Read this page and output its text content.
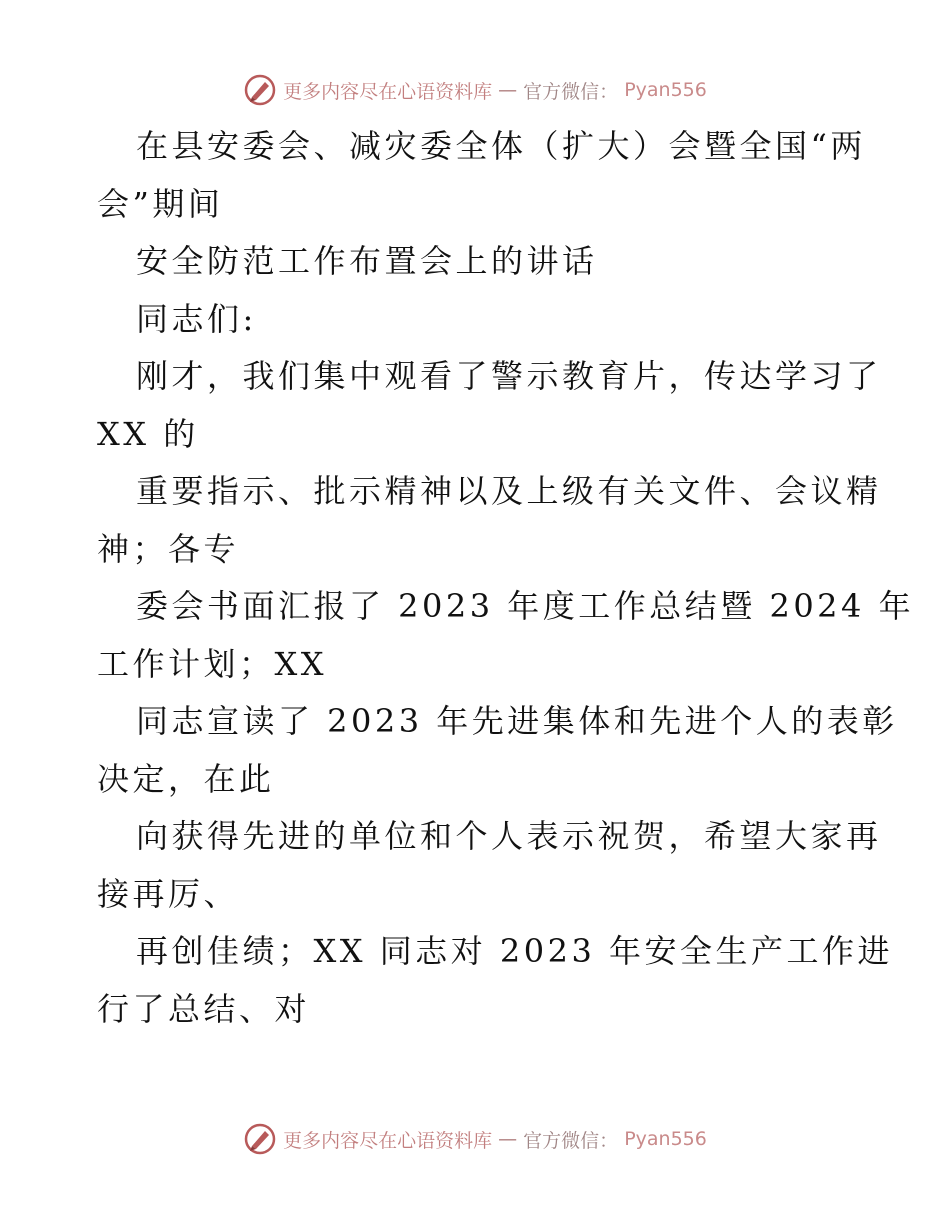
更多内容尽在心语资料库 — 官方微信： Pyan556
在县安委会、减灾委全体（扩大）会暨全国“两
会”期间
安全防范工作布置会上的讲话
同志们:
刚才，我们集中观看了警示教育片，传达学习了
XX 的
重要指示、批示精神以及上级有关文件、会议精
神；各专
委会书面汇报了 2023 年度工作总结暨 2024 年
工作计划；XX
同志宣读了 2023 年先进集体和先进个人的表彰
决定，在此
向获得先进的单位和个人表示祝贺，希望大家再
接再厉、
再创佳绩；XX 同志对 2023 年安全生产工作进
行了总结、对
更多内容尽在心语资料库 — 官方微信： Pyan556
